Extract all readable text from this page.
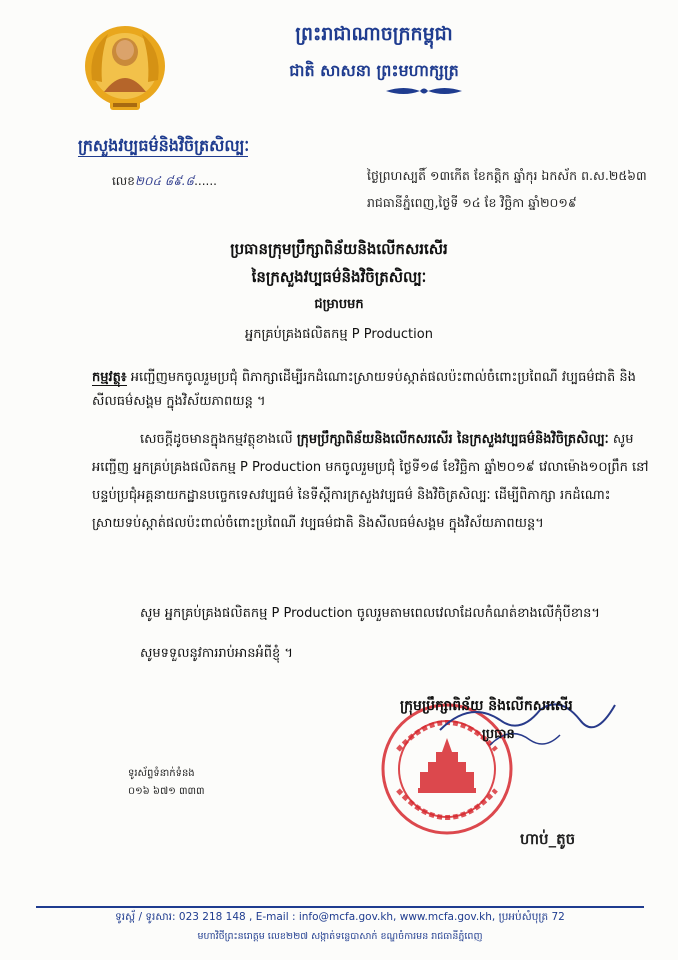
ព្រះរាជាណាចក្រកម្ពុជា
ជាតិ សាសនា ព្រះមហាក្សត្រ
ក្រសួងវប្បធម៌និងវិចិត្រសិល្បៈ
លេខ២០៤ ៨៩.៨......	ថ្ងៃព្រហស្បតិ៍ ១៣កើត ខែកត្តិក ឆ្នាំកុរ ឯកស័ក ព.ស.២៥៦៣
រាជធានីភ្នំពេញ,ថ្ងៃទី ១៤ ខែ វិច្ឆិកា ឆ្នាំ២០១៩
ប្រធានក្រុមប្រឹក្សាពិន័យនិងលើកសរសើរ
នៃក្រសួងវប្បធម៌និងវិចិត្រសិល្បៈ
ជម្រាបមក
អ្នកគ្រប់គ្រងផលិតកម្ម P Production
កម្មវត្ថុ៖ អញ្ជើញមកចូលរួមប្រជុំ ពិភាក្សាដើម្បីរកដំណោះស្រាយទប់ស្កាត់ផលប៉ះពាល់ចំពោះប្រពៃណី វប្បធម៌ជាតិ និងសីលធម៌សង្គម ក្នុងវិស័យភាពយន្ត ។
សេចក្តីដូចមានក្នុងកម្មវត្ថុខាងលើ ក្រុមប្រឹក្សាពិន័យនិងលើកសរសើរ នៃក្រសួងវប្បធម៌និងវិចិត្រសិល្បៈ សូមអញ្ជើញ អ្នកគ្រប់គ្រងផលិតកម្ម P Production មកចូលរួមប្រជុំ ថ្ងៃទី១៨ ខែវិច្ឆិកា ឆ្នាំ២០១៩ វេលាម៉ោង១០ព្រឹក នៅបន្ទប់ប្រជុំអគ្គនាយកដ្ឋានបច្ចេកទេសវប្បធម៌ នៃទីស្តីការក្រសួងវប្បធម៌ និងវិចិត្រសិល្បៈ ដើម្បីពិភាក្សា រកដំណោះស្រាយទប់ស្កាត់ផលប៉ះពាល់ចំពោះប្រពៃណី វប្បធម៌ជាតិ និងសីលធម៌សង្គម ក្នុងវិស័យភាពយន្ត។
សូម អ្នកគ្រប់គ្រងផលិតកម្ម P Production ចូលរួមតាមពេលវេលាដែលកំណត់ខាងលើកុំបីខាន។
សូមទទួលនូវការរាប់អានអំពីខ្ញុំ ។
ក្រុមប្រឹក្សាពិន័យ និងលើកសរសើរ
ប្រធាន
ហាប់_តូច
ទូរស័ព្ទទំនាក់ទំនង
០១៦ ៦៧១ ៣៣៣
ទូរស្ព័ / ទូរសារ: 023 218 148 , E-mail : info@mcfa.gov.kh, www.mcfa.gov.kh, ប្រអប់សំបុត្រ 72
មហាវិថីព្រះនរោត្តម លេខ២២៧ សង្កាត់ទន្លេបាសាក់ ខណ្ឌចំការមន រាជធានីភ្នំពេញ
